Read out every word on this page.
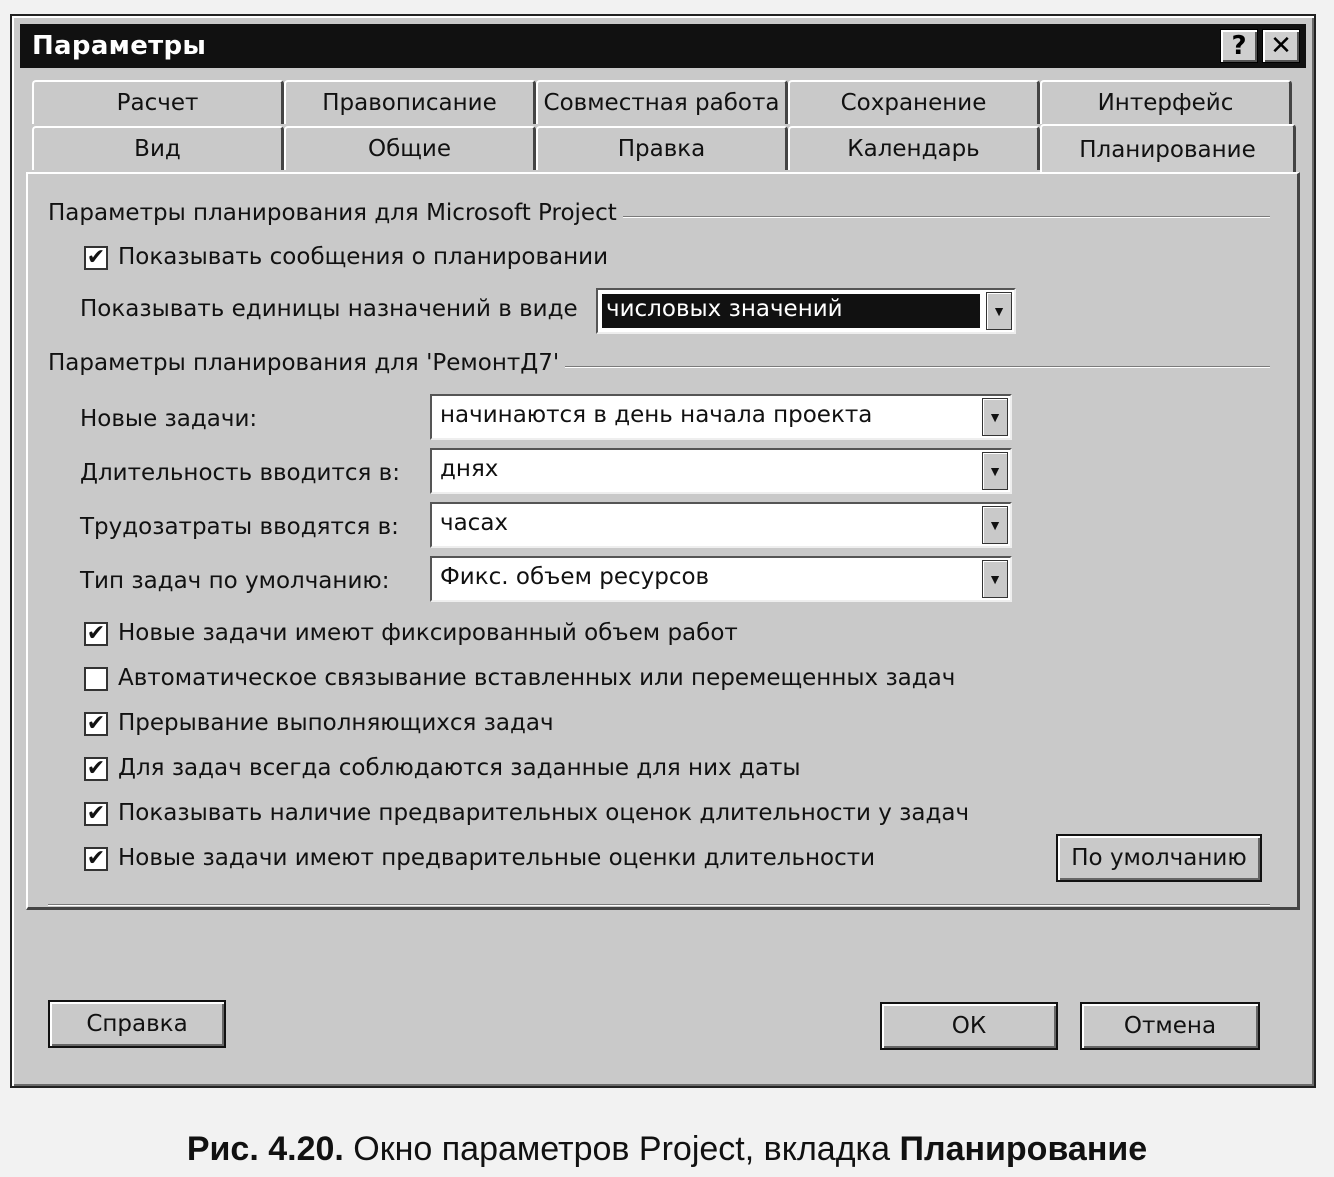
Параметры	? ✕
Расчет	Правописание	Совместная работа	Сохранение	Интерфейс
Вид	Общие	Правка	Календарь	Планирование
Параметры планирования для Microsoft Project
✔ Показывать сообщения о планировании
Показывать единицы назначений в виде числовых значений	▼
Параметры планирования для 'РемонтД7'
Новые задачи:	начинаются в день начала проекта	▼
Длительность вводится в: днях	▼
Трудозатраты вводятся в: часах	▼
Тип задач по умолчанию: Фикс. объем ресурсов	▼
✔ Новые задачи имеют фиксированный объем работ
Автоматическое связывание вставленных или перемещенных задач
✔ Прерывание выполняющихся задач
✔ Для задач всегда соблюдаются заданные для них даты
✔ Показывать наличие предварительных оценок длительности у задач
✔ Новые задачи имеют предварительные оценки длительности	По умолчанию
Справка	ОК	Отмена
Рис. 4.20. Окно параметров Project, вкладка Планирование
